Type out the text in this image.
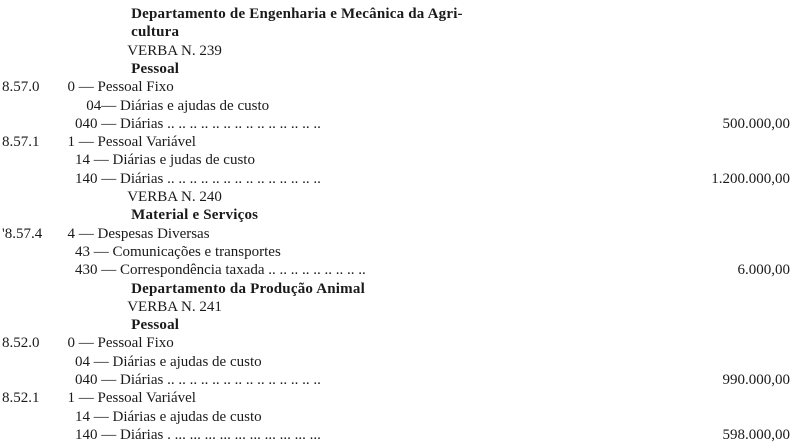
Departamento de Engenharia e Mecânica da Agri-
cultura
VERBA N. 239
Pessoal
8.57.0 0 — Pessoal Fixo
04— Diárias e ajudas de custo
040 — Diárias .. .. .. .. .. .. .. .. .. .. .. .. .. ..	500.000,00
8.57.1 1 — Pessoal Variável
14 — Diárias e judas de custo
140 — Diárias .. .. .. .. .. .. .. .. .. .. .. .. .. ..	1.200.000,00
VERBA N. 240
Material e Serviços
'8.57.4 4 — Despesas Diversas
43 — Comunicações e transportes
430 — Correspondência taxada .. .. .. .. .. .. .. .. ..	6.000,00
Departamento da Produção Animal
VERBA N. 241
Pessoal
8.52.0 0 — Pessoal Fixo
04 — Diárias e ajudas de custo
040 — Diárias .. .. .. .. .. .. .. .. .. .. .. .. .. ..	990.000,00
8.52.1 1 — Pessoal Variável
14 — Diárias e ajudas de custo
140 — Diárias . ... ... ... ... ... ... ... ... ... ...	598.000,00
